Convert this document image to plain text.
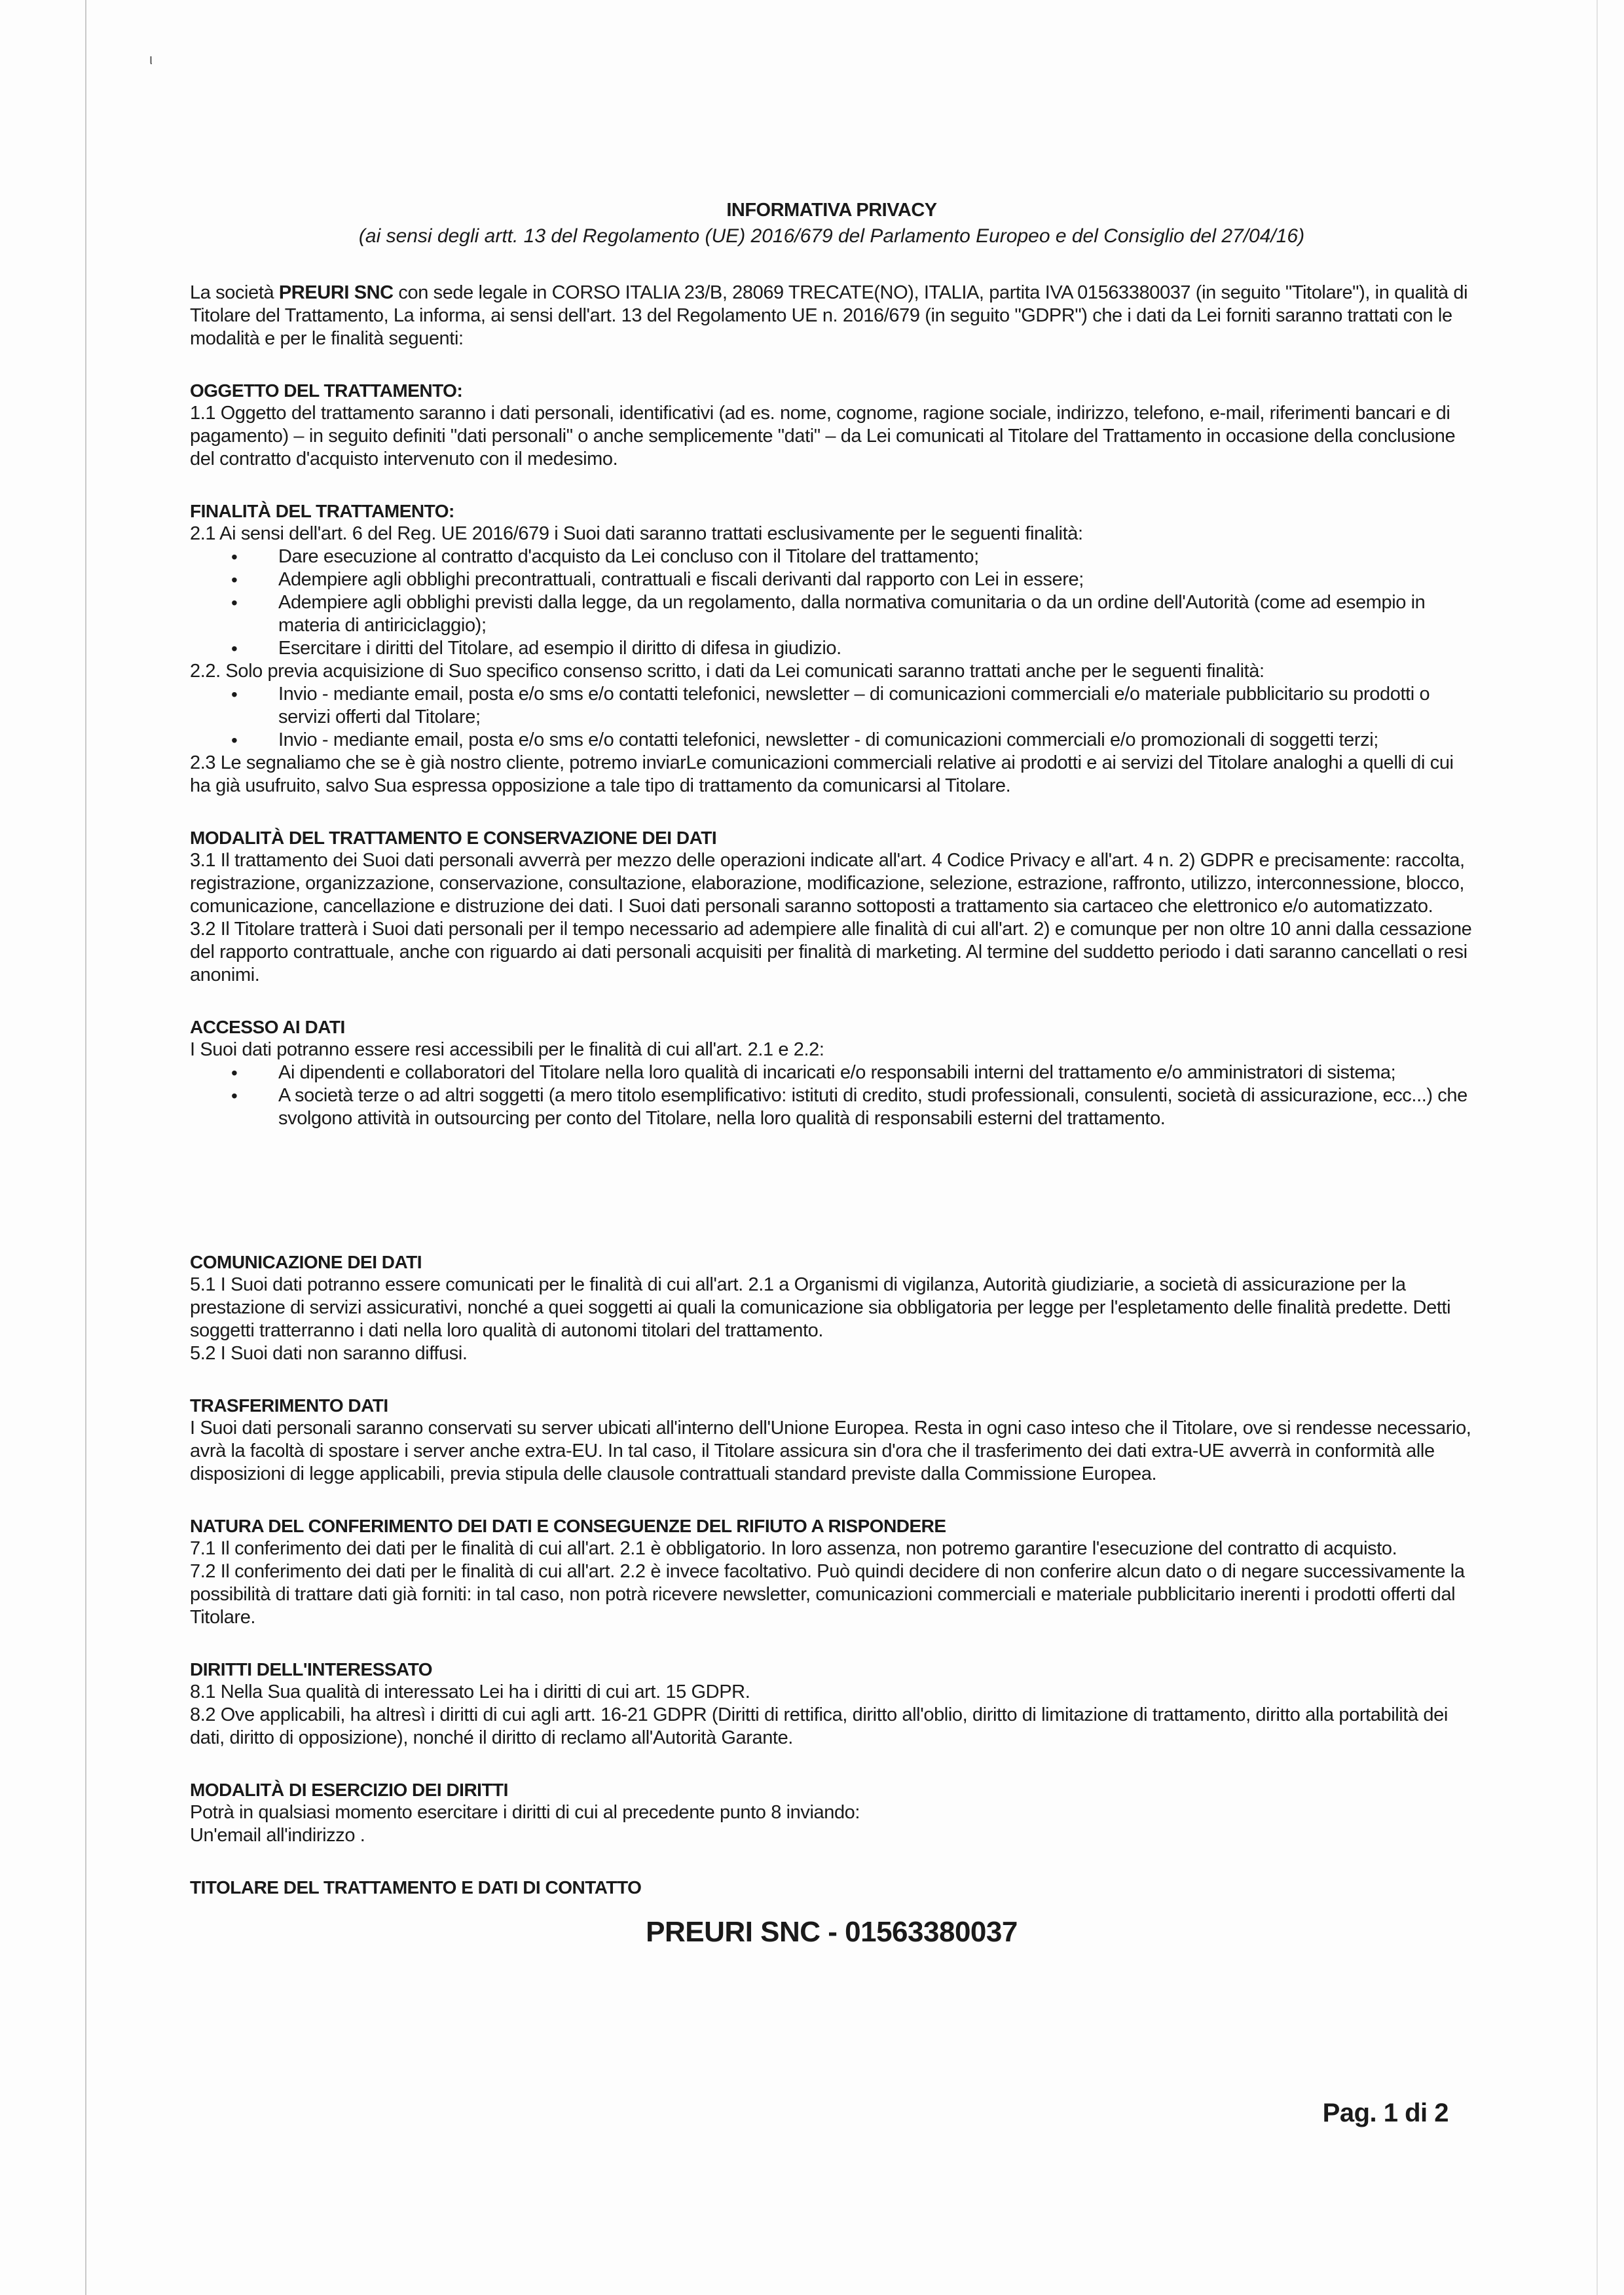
ι

INFORMATIVA PRIVACY

(ai sensi degli artt. 13 del Regolamento (UE) 2016/679 del Parlamento Europeo e del Consiglio del 27/04/16)

La società PREURI SNC con sede legale in CORSO ITALIA 23/B, 28069 TRECATE(NO), ITALIA, partita IVA 01563380037 (in seguito "Titolare"), in qualità di Titolare del Trattamento, La informa, ai sensi dell'art. 13 del Regolamento UE n. 2016/679 (in seguito "GDPR") che i dati da Lei forniti saranno trattati con le modalità e per le finalità seguenti:

OGGETTO DEL TRATTAMENTO:

1.1 Oggetto del trattamento saranno i dati personali, identificativi (ad es. nome, cognome, ragione sociale, indirizzo, telefono, e-mail, riferimenti bancari e di pagamento) – in seguito definiti "dati personali" o anche semplicemente "dati" – da Lei comunicati al Titolare del Trattamento in occasione della conclusione del contratto d'acquisto intervenuto con il medesimo.

FINALITÀ DEL TRATTAMENTO:

2.1 Ai sensi dell'art. 6 del Reg. UE 2016/679 i Suoi dati saranno trattati esclusivamente per le seguenti finalità:

• Dare esecuzione al contratto d'acquisto da Lei concluso con il Titolare del trattamento;
• Adempiere agli obblighi precontrattuali, contrattuali e fiscali derivanti dal rapporto con Lei in essere;
• Adempiere agli obblighi previsti dalla legge, da un regolamento, dalla normativa comunitaria o da un ordine dell'Autorità (come ad esempio in materia di antiriciclaggio);
• Esercitare i diritti del Titolare, ad esempio il diritto di difesa in giudizio.

2.2. Solo previa acquisizione di Suo specifico consenso scritto, i dati da Lei comunicati saranno trattati anche per le seguenti finalità:

• Invio - mediante email, posta e/o sms e/o contatti telefonici, newsletter – di comunicazioni commerciali e/o materiale pubblicitario su prodotti o servizi offerti dal Titolare;
• Invio - mediante email, posta e/o sms e/o contatti telefonici, newsletter - di comunicazioni commerciali e/o promozionali di soggetti terzi;

2.3 Le segnaliamo che se è già nostro cliente, potremo inviarLe comunicazioni commerciali relative ai prodotti e ai servizi del Titolare analoghi a quelli di cui ha già usufruito, salvo Sua espressa opposizione a tale tipo di trattamento da comunicarsi al Titolare.

MODALITÀ DEL TRATTAMENTO E CONSERVAZIONE DEI DATI

3.1 Il trattamento dei Suoi dati personali avverrà per mezzo delle operazioni indicate all'art. 4 Codice Privacy e all'art. 4 n. 2) GDPR e precisamente: raccolta, registrazione, organizzazione, conservazione, consultazione, elaborazione, modificazione, selezione, estrazione, raffronto, utilizzo, interconnessione, blocco, comunicazione, cancellazione e distruzione dei dati. I Suoi dati personali saranno sottoposti a trattamento sia cartaceo che elettronico e/o automatizzato.

3.2 Il Titolare tratterà i Suoi dati personali per il tempo necessario ad adempiere alle finalità di cui all'art. 2) e comunque per non oltre 10 anni dalla cessazione del rapporto contrattuale, anche con riguardo ai dati personali acquisiti per finalità di marketing. Al termine del suddetto periodo i dati saranno cancellati o resi anonimi.

ACCESSO AI DATI

I Suoi dati potranno essere resi accessibili per le finalità di cui all'art. 2.1 e 2.2:

• Ai dipendenti e collaboratori del Titolare nella loro qualità di incaricati e/o responsabili interni del trattamento e/o amministratori di sistema;
• A società terze o ad altri soggetti (a mero titolo esemplificativo: istituti di credito, studi professionali, consulenti, società di assicurazione, ecc...) che svolgono attività in outsourcing per conto del Titolare, nella loro qualità di responsabili esterni del trattamento.

COMUNICAZIONE DEI DATI

5.1 I Suoi dati potranno essere comunicati per le finalità di cui all'art. 2.1 a Organismi di vigilanza, Autorità giudiziarie, a società di assicurazione per la prestazione di servizi assicurativi, nonché a quei soggetti ai quali la comunicazione sia obbligatoria per legge per l'espletamento delle finalità predette. Detti soggetti tratterranno i dati nella loro qualità di autonomi titolari del trattamento.

5.2 I Suoi dati non saranno diffusi.

TRASFERIMENTO DATI

I Suoi dati personali saranno conservati su server ubicati all'interno dell'Unione Europea. Resta in ogni caso inteso che il Titolare, ove si rendesse necessario, avrà la facoltà di spostare i server anche extra-EU. In tal caso, il Titolare assicura sin d'ora che il trasferimento dei dati extra-UE avverrà in conformità alle disposizioni di legge applicabili, previa stipula delle clausole contrattuali standard previste dalla Commissione Europea.

NATURA DEL CONFERIMENTO DEI DATI E CONSEGUENZE DEL RIFIUTO A RISPONDERE

7.1 Il conferimento dei dati per le finalità di cui all'art. 2.1 è obbligatorio. In loro assenza, non potremo garantire l'esecuzione del contratto di acquisto.

7.2 Il conferimento dei dati per le finalità di cui all'art. 2.2 è invece facoltativo. Può quindi decidere di non conferire alcun dato o di negare successivamente la possibilità di trattare dati già forniti: in tal caso, non potrà ricevere newsletter, comunicazioni commerciali e materiale pubblicitario inerenti i prodotti offerti dal Titolare.

DIRITTI DELL'INTERESSATO

8.1 Nella Sua qualità di interessato Lei ha i diritti di cui art. 15 GDPR.

8.2 Ove applicabili, ha altresì i diritti di cui agli artt. 16-21 GDPR (Diritti di rettifica, diritto all'oblio, diritto di limitazione di trattamento, diritto alla portabilità dei dati, diritto di opposizione), nonché il diritto di reclamo all'Autorità Garante.

MODALITÀ DI ESERCIZIO DEI DIRITTI

Potrà in qualsiasi momento esercitare i diritti di cui al precedente punto 8 inviando:

Un'email all'indirizzo .

TITOLARE DEL TRATTAMENTO E DATI DI CONTATTO

PREURI SNC - 01563380037

Pag. 1 di 2
